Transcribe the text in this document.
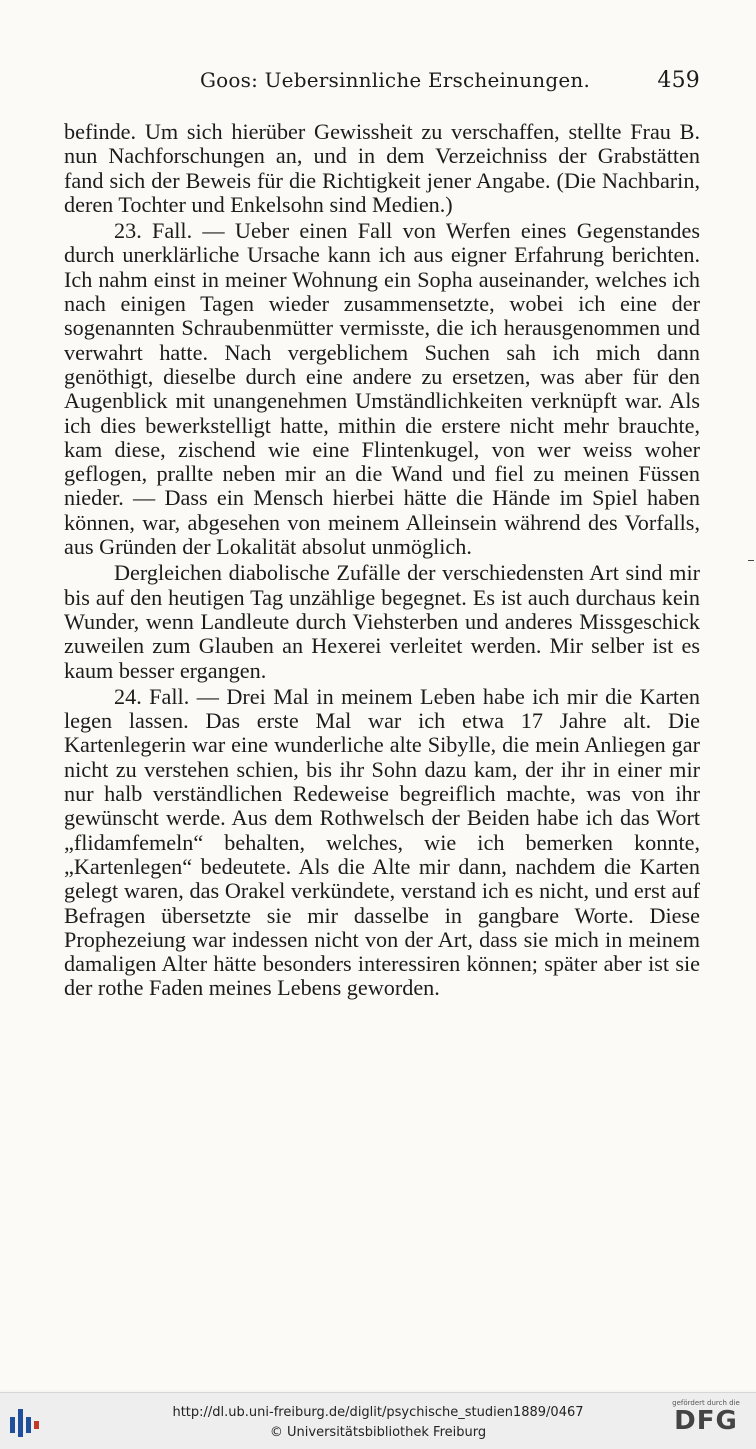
Goos: Uebersinnliche Erscheinungen.	459

befinde. Um sich hierüber Gewissheit zu verschaffen, stellte Frau B. nun Nachforschungen an, und in dem Verzeichniss der Grabstätten fand sich der Beweis für die Richtigkeit jener Angabe. (Die Nachbarin, deren Tochter und Enkelsohn sind Medien.)

23. Fall. — Ueber einen Fall von Werfen eines Gegenstandes durch unerklärliche Ursache kann ich aus eigner Erfahrung berichten. Ich nahm einst in meiner Wohnung ein Sopha auseinander, welches ich nach einigen Tagen wieder zusammensetzte, wobei ich eine der sogenannten Schraubenmütter vermisste, die ich herausgenommen und verwahrt hatte. Nach vergeblichem Suchen sah ich mich dann genöthigt, dieselbe durch eine andere zu ersetzen, was aber für den Augenblick mit unangenehmen Umständlichkeiten verknüpft war. Als ich dies bewerkstelligt hatte, mithin die erstere nicht mehr brauchte, kam diese, zischend wie eine Flintenkugel, von wer weiss woher geflogen, prallte neben mir an die Wand und fiel zu meinen Füssen nieder. — Dass ein Mensch hierbei hätte die Hände im Spiel haben können, war, abgesehen von meinem Alleinsein während des Vorfalls, aus Gründen der Lokalität absolut unmöglich.

Dergleichen diabolische Zufälle der verschiedensten Art sind mir bis auf den heutigen Tag unzählige begegnet. Es ist auch durchaus kein Wunder, wenn Landleute durch Viehsterben und anderes Missgeschick zuweilen zum Glauben an Hexerei verleitet werden. Mir selber ist es kaum besser ergangen.

24. Fall. — Drei Mal in meinem Leben habe ich mir die Karten legen lassen. Das erste Mal war ich etwa 17 Jahre alt. Die Kartenlegerin war eine wunderliche alte Sibylle, die mein Anliegen gar nicht zu verstehen schien, bis ihr Sohn dazu kam, der ihr in einer mir nur halb verständlichen Redeweise begreiflich machte, was von ihr gewünscht werde. Aus dem Rothwelsch der Beiden habe ich das Wort „flidamfemeln“ behalten, welches, wie ich bemerken konnte, „Kartenlegen“ bedeutete. Als die Alte mir dann, nachdem die Karten gelegt waren, das Orakel verkündete, verstand ich es nicht, und erst auf Befragen übersetzte sie mir dasselbe in gangbare Worte. Diese Prophezeiung war indessen nicht von der Art, dass sie mich in meinem damaligen Alter hätte besonders interessiren können; später aber ist sie der rothe Faden meines Lebens geworden.

http://dl.ub.uni-freiburg.de/diglit/psychische_studien1889/0467
© Universitätsbibliothek Freiburg
gefördert durch die
DFG
